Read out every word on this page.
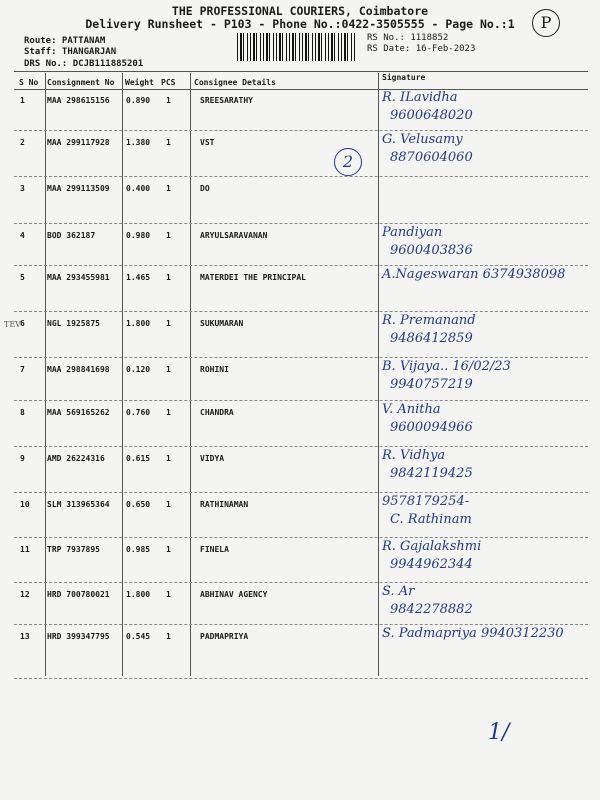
THE PROFESSIONAL COURIERS, Coimbatore
Delivery Runsheet - P103 - Phone No.:0422-3505555 - Page No.:1	P
Route: PATTANAM
Staff: THANGARJAN
DRS No.: DCJB111885201
RS No.: 1118852
RS Date: 16-Feb-2023
S No Consignment No Weight PCS Consignee Details
Signature
1	MAA 298615156 0.890 1	SREESARATHY	R. ILavidha
9600648020
2	MAA 299117928 1.380 1	VST	G. Velusamy
8870604060
3	MAA 299113509 0.400 1	DO
4	BOD 362187	0.980 1	ARYULSARAVANAN	Pandiyan
9600403836
5	MAA 293455981 1.465 1	MATERDEI THE PRINCIPAL	A.Nageswaran 6374938098
6	NGL 1925875	1.800 1	SUKUMARAN	R. Premanand
9486412859
7	MAA 298841698 0.120 1	ROHINI	B. Vijaya.. 16/02/23
9940757219
8	MAA 569165262 0.760 1	CHANDRA	V. Anitha
9600094966
9	AMD 26224316	0.615 1	VIDYA	R. Vidhya
9842119425
10 SLM 313965364 0.650 1	RATHINAMAN	9578179254-
C. Rathinam
11 TRP 7937895	0.985 1	FINELA	R. Gajalakshmi
9944962344
12 HRD 700780021 1.800 1	ABHINAV AGENCY	S. Ar
9842278882
13 HRD 399347795 0.545 1	PADMAPRIYA	S. Padmapriya 9940312230
2
TEV
1/
